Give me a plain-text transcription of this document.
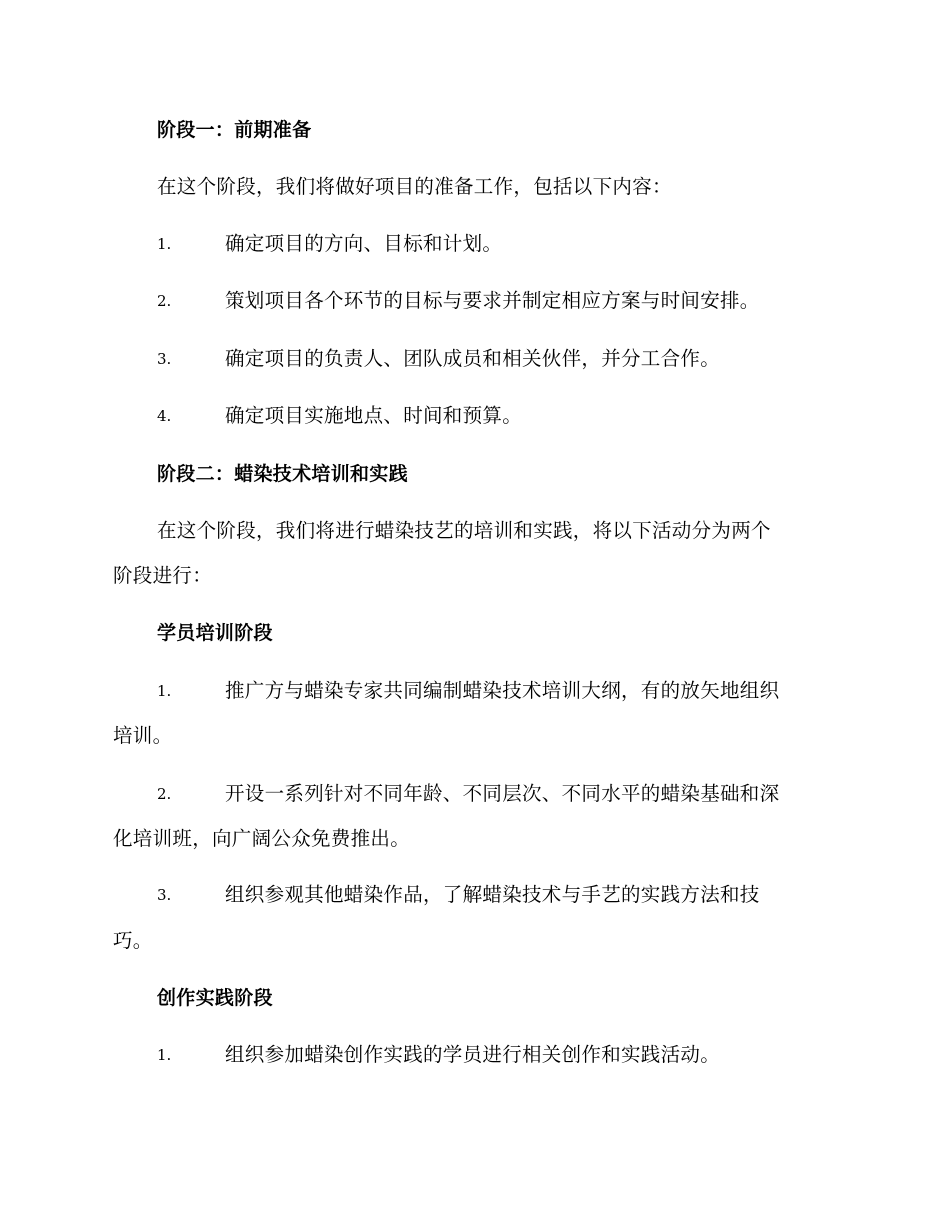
阶段一：前期准备
在这个阶段，我们将做好项目的准备工作，包括以下内容：
1.	确定项目的方向、目标和计划。
2.	策划项目各个环节的目标与要求并制定相应方案与时间安排。
3.	确定项目的负责人、团队成员和相关伙伴，并分工合作。
4.	确定项目实施地点、时间和预算。
阶段二：蜡染技术培训和实践
在这个阶段，我们将进行蜡染技艺的培训和实践，将以下活动分为两个
阶段进行：
学员培训阶段
1.	推广方与蜡染专家共同编制蜡染技术培训大纲，有的放矢地组织
培训。
2.	开设一系列针对不同年龄、不同层次、不同水平的蜡染基础和深
化培训班，向广阔公众免费推出。
3.	组织参观其他蜡染作品，了解蜡染技术与手艺的实践方法和技
巧。
创作实践阶段
1.	组织参加蜡染创作实践的学员进行相关创作和实践活动。
